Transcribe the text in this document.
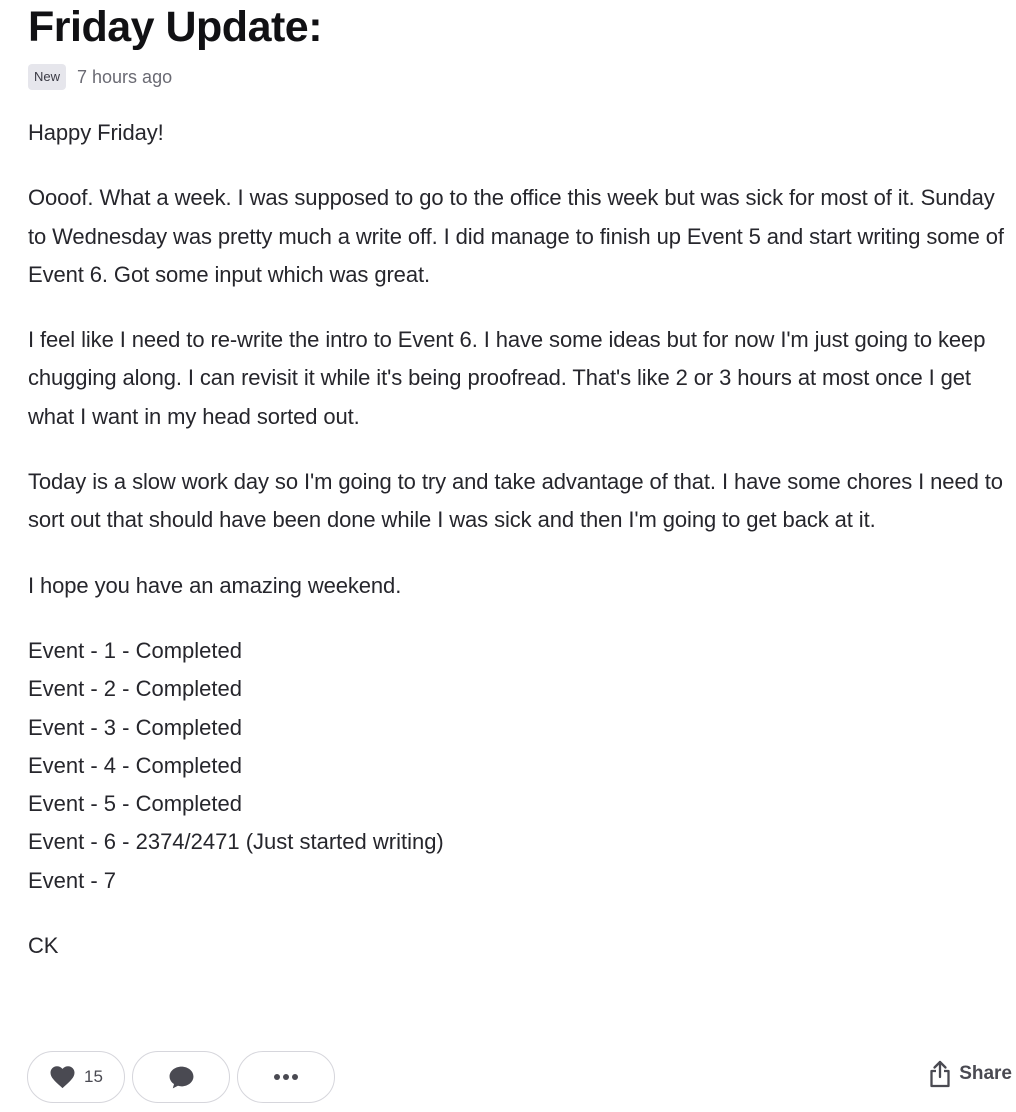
Friday Update:
New 7 hours ago

Happy Friday!

Oooof. What a week. I was supposed to go to the office this week but was sick for most of it. Sunday to Wednesday was pretty much a write off. I did manage to finish up Event 5 and start writing some of Event 6. Got some input which was great.

I feel like I need to re-write the intro to Event 6. I have some ideas but for now I'm just going to keep chugging along. I can revisit it while it's being proofread. That's like 2 or 3 hours at most once I get what I want in my head sorted out.

Today is a slow work day so I'm going to try and take advantage of that. I have some chores I need to sort out that should have been done while I was sick and then I'm going to get back at it.

I hope you have an amazing weekend.

Event - 1 - Completed
Event - 2 - Completed
Event - 3 - Completed
Event - 4 - Completed
Event - 5 - Completed
Event - 6 - 2374/2471 (Just started writing)
Event - 7

CK

15	Share
